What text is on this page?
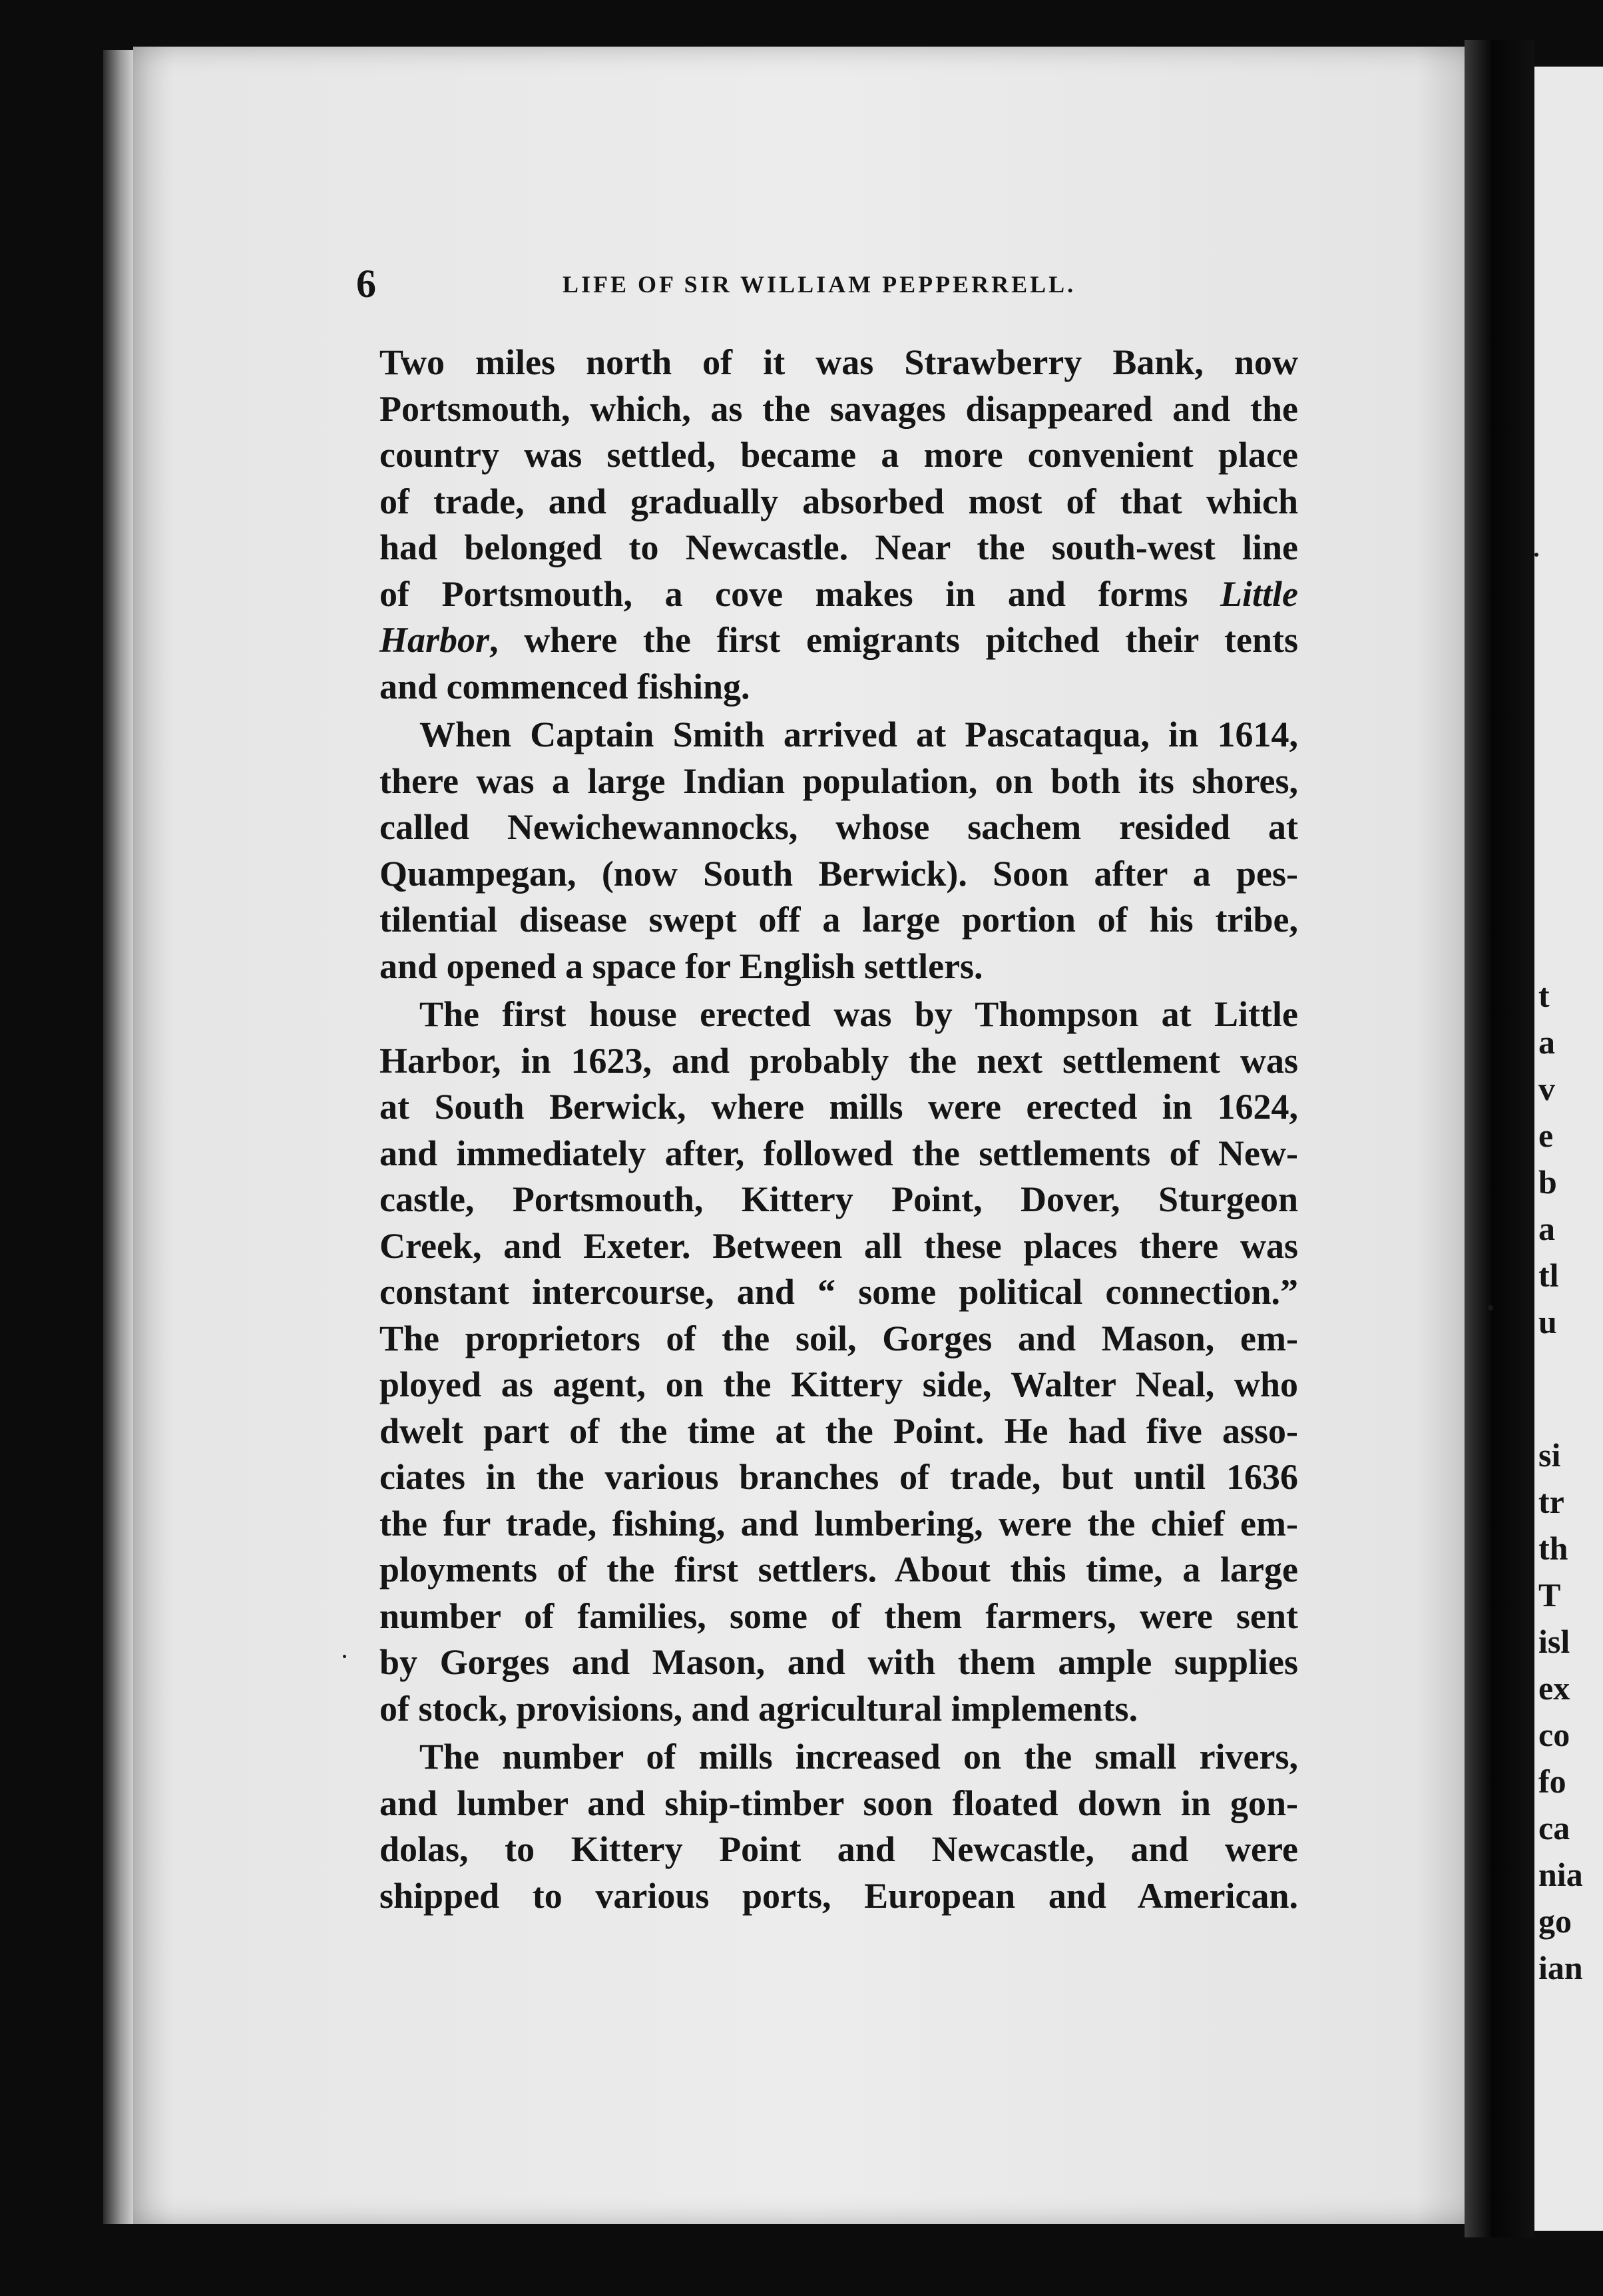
t
a
v
e
b
a
tl
u
si
tr
th
T
isl
ex
co
fo
ca
nia
go
ian
6	LIFE OF SIR WILLIAM PEPPERRELL.
Two miles north of it was Strawberry Bank, now
Portsmouth, which, as the savages disappeared and the
country was settled, became a more convenient place
of trade, and gradually absorbed most of that which
had belonged to Newcastle. Near the south-west line
of Portsmouth, a cove makes in and forms Little
Harbor, where the first emigrants pitched their tents
and commenced fishing.
When Captain Smith arrived at Pascataqua, in 1614,
there was a large Indian population, on both its shores,
called Newichewannocks, whose sachem resided at
Quampegan, (now South Berwick). Soon after a pes-
tilential disease swept off a large portion of his tribe,
and opened a space for English settlers.
The first house erected was by Thompson at Little
Harbor, in 1623, and probably the next settlement was
at South Berwick, where mills were erected in 1624,
and immediately after, followed the settlements of New-
castle, Portsmouth, Kittery Point, Dover, Sturgeon
Creek, and Exeter. Between all these places there was
constant intercourse, and “ some political connection.”
The proprietors of the soil, Gorges and Mason, em-
ployed as agent, on the Kittery side, Walter Neal, who
dwelt part of the time at the Point. He had five asso-
ciates in the various branches of trade, but until 1636
the fur trade, fishing, and lumbering, were the chief em-
ployments of the first settlers. About this time, a large
number of families, some of them farmers, were sent
by Gorges and Mason, and with them ample supplies
of stock, provisions, and agricultural implements.
The number of mills increased on the small rivers,
and lumber and ship-timber soon floated down in gon-
dolas, to Kittery Point and Newcastle, and were
shipped to various ports, European and American.
